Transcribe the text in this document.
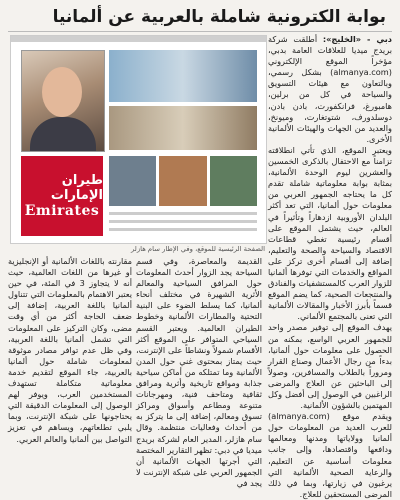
بوابة الكترونية شاملة بالعربية عن ألمانيا

دبي - «الخليج»: أطلقت شركة بريدج ميديا للعلاقات العامة بدبي، مؤخراً الموقع الإلكتروني (almanya.com) بشكل رسمي، وبالتعاون مع هيئات التسويق والسياحة في كل من برلين، هامبورغ، فرانكفورت، بادن بادن، دوسلدورف، شتوتغارت، وميونخ، والعديد من الجهات والهيئات الألمانية الأخرى.

ويعتبر الموقع، الذي تأتي انطلاقته تزامناً مع الاحتفال بالذكرى الخمسين والعشرين ليوم الوحدة الألمانية، بمثابة بوابة معلوماتية شاملة تقدم كل ما يحتاجه الجمهور العربي من معلومات حول ألمانيا، التي تعد أكثر البلدان الأوروبية ازدهاراً وتأثيراً في العالم، حيث يشتمل الموقع على أقسام رئيسية تغطي قطاعات الاقتصاد والسياحة والصحة والتعليم، إضافة إلى أقسام أخرى تركز على المواقع والخدمات التي توفرها ألمانيا للزوار العرب كالمستشفيات والفنادق والمنتجعات الصحية، كما يضم الموقع قسماً بأبرز الأخبار والمقالات الألمانية التي تعنى بالمجتمع الألماني.

يهدف الموقع إلى توفير مصدر واحد للجمهور العربي الواسع، بمكنه من الحصول على معلومات حول ألمانيا، بدءاً من رجال الأعمال وصناع القرار ومروراً بالطلاب والمسافرين، وصولاً إلى الباحثين عن العلاج والمرضى الراغبين في الوصول إلى أفضل وكل المهتمين بالشؤون الألمانية.

ويقدم موقع (almanya.com) للعرب العديد من المعلومات حول ألمانيا وولاياتها ومدنها ومعالمها ودافعها واقتصادها، وإلى جانب معلومات أساسية عن التعليم، والرعاية الصحية الألمانية التي يرغبون في زيارتها، وبما في ذلك المرضى المستحقين للعلاج.

طيران الإمارات
Emirates
الصفحة الرئيسية للموقع، وفي الإطار سام هازلر

القديمة والمعاصرة، وفي قسم السياحة يجد الزوار أحدث المعلومات حول المرافق السياحية والمعالم الأثرية الشهيرة في مختلف أنحاء ألمانيا، كما يسلط الضوء على البنية التحتية والمطارات الألمانية وخطوط الطيران العالمية. ويعتبر القسم السياحي المتوافر على الموقع أكثر الأقسام شمولاً ونشاطاً على الإنترنت، حيث يمتاز بمحتوى غني حول المدن الألمانية وما تمتلكه من أماكن سياحية جذابة ومواقع تاريخية وأثرية ومرافق ثقافية ومتاحف فنية، ومهرجانات متنوعة ومطاعم وأسواق ومراكز تسوق ومعالم، إضافة إلى ما يتركز به من أحداث وفعاليات منتظمة. وقال سام هازلر، المدير العام لشركة بريدج ميديا في دبي: تظهر التقارير المختصة التي أجرتها الجهات الألمانية أن الجمهور العربي على شبكة الإنترنت لا يجد في

مقارنته باللغات الألمانية أو الإنجليزية أو غيرها من اللغات العالمية، حيث أنه لا يتجاوز 3 في المئة، في حين يعتبر الاهتمام بالمعلومات التي تتناول ألمانيا باللغة العربية، إضافة إلى ضعف الحاجة أكثر من أي وقت مضى، وكان التركيز على المعلومات التي تشمل ألمانيا باللغة العربية، وفي ظل عدم توافر مصادر موثوقة لمعلومات شاملة حول ألمانيا بالعربية، جاء الموقع لتقديم خدمة معلوماتية متكاملة تستهدف المستخدمين العرب، ويوفر لهم الوصول إلى المعلومات الدقيقة التي يحتاجونها على شبكة الإنترنت، وبما يلبي تطلعاتهم، ويساهم في تعزيز التواصل بين ألمانيا والعالم العربي.
